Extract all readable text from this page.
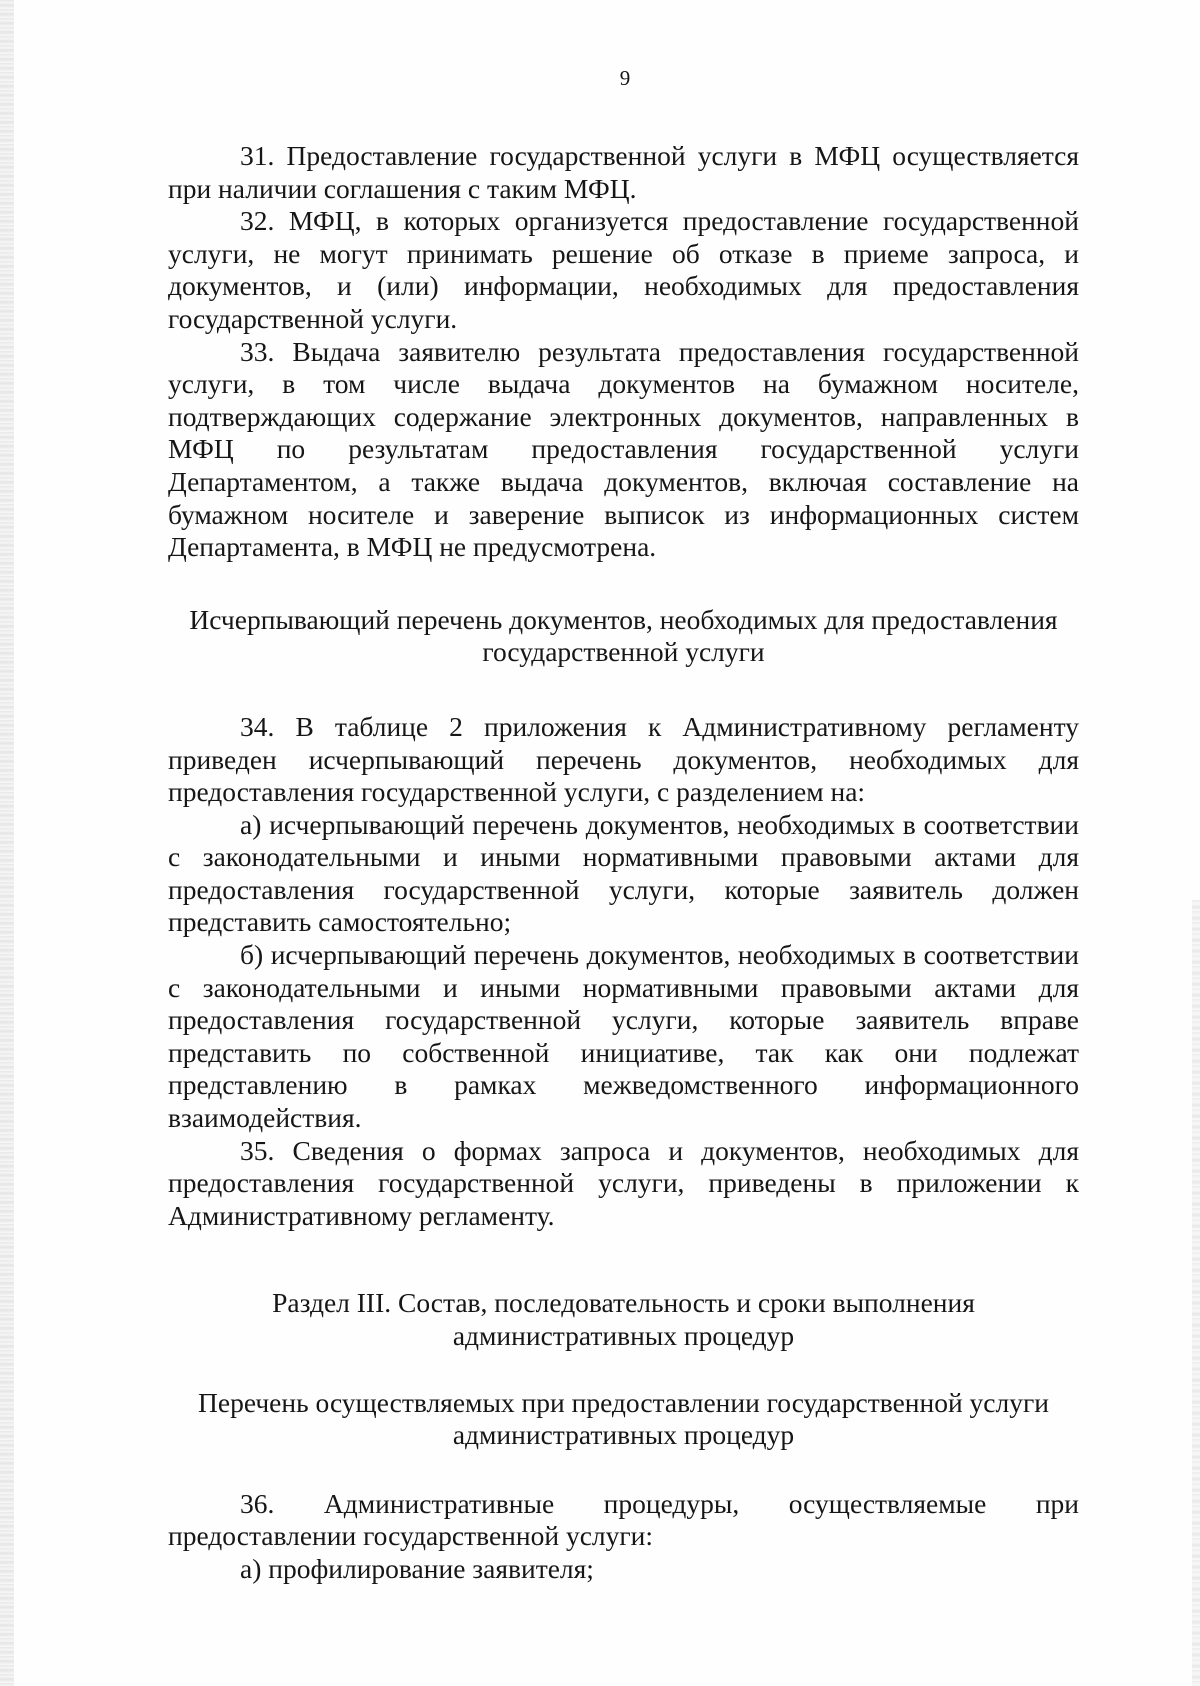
9

31. Предоставление государственной услуги в МФЦ осуществляется при наличии соглашения с таким МФЦ.

32. МФЦ, в которых организуется предоставление государственной услуги, не могут принимать решение об отказе в приеме запроса, и документов, и (или) информации, необходимых для предоставления государственной услуги.

33. Выдача заявителю результата предоставления государственной услуги, в том числе выдача документов на бумажном носителе, подтверждающих содержание электронных документов, направленных в МФЦ по результатам предоставления государственной услуги Департаментом, а также выдача документов, включая составление на бумажном носителе и заверение выписок из информационных систем Департамента, в МФЦ не предусмотрена.

Исчерпывающий перечень документов, необходимых для предоставления
государственной услуги

34. В таблице 2 приложения к Административному регламенту приведен исчерпывающий перечень документов, необходимых для предоставления государственной услуги, с разделением на:

а) исчерпывающий перечень документов, необходимых в соответствии с законодательными и иными нормативными правовыми актами для предоставления государственной услуги, которые заявитель должен представить самостоятельно;

б) исчерпывающий перечень документов, необходимых в соответствии с законодательными и иными нормативными правовыми актами для предоставления государственной услуги, которые заявитель вправе представить по собственной инициативе, так как они подлежат представлению в рамках межведомственного информационного взаимодействия.

35. Сведения о формах запроса и документов, необходимых для предоставления государственной услуги, приведены в приложении к Административному регламенту.

Раздел III. Состав, последовательность и сроки выполнения
административных процедур
Перечень осуществляемых при предоставлении государственной услуги
административных процедур

36. Административные процедуры, осуществляемые при предоставлении государственной услуги:

а) профилирование заявителя;
